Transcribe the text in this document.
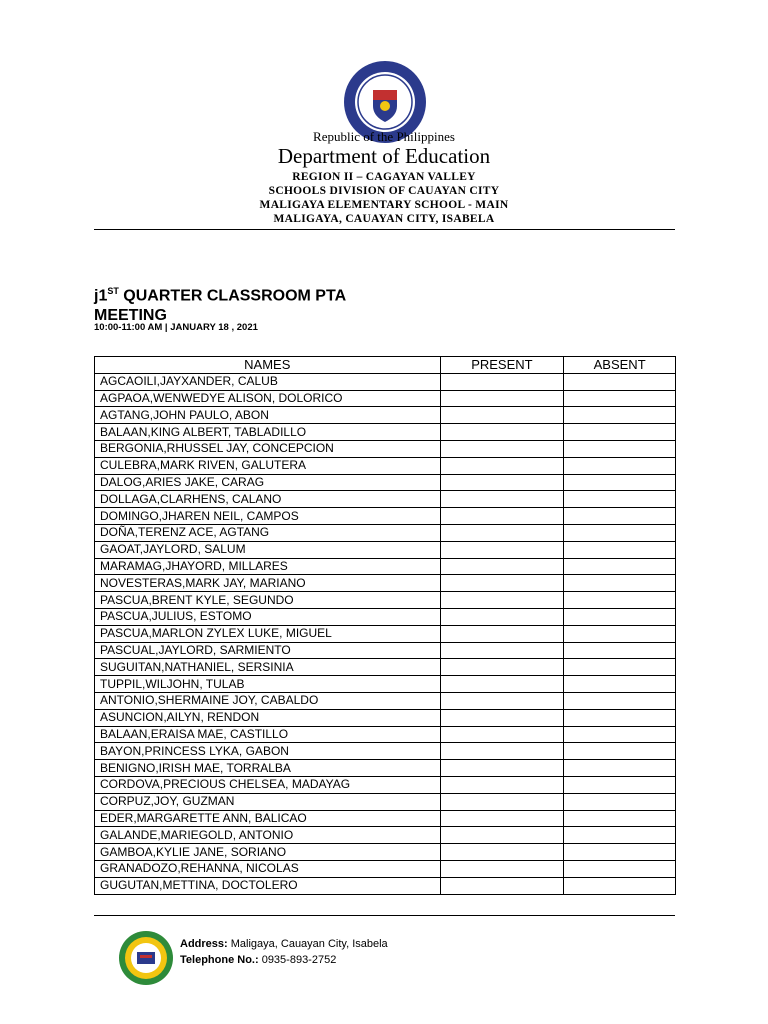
Republic of the Philippines
Department of Education
REGION II – CAGAYAN VALLEY
SCHOOLS DIVISION OF CAUAYAN CITY
MALIGAYA ELEMENTARY SCHOOL - MAIN
MALIGAYA, CAUAYAN CITY, ISABELA
j1ST QUARTER CLASSROOM PTA
MEETING
10:00-11:00 AM | JANUARY 18 , 2021
NAMES	PRESENT	ABSENT
AGCAOILI,JAYXANDER, CALUB		
AGPAOA,WENWEDYE ALISON, DOLORICO		
AGTANG,JOHN PAULO, ABON		
BALAAN,KING ALBERT, TABLADILLO		
BERGONIA,RHUSSEL JAY, CONCEPCION		
CULEBRA,MARK RIVEN, GALUTERA		
DALOG,ARIES JAKE, CARAG		
DOLLAGA,CLARHENS, CALANO		
DOMINGO,JHAREN NEIL, CAMPOS		
DOÑA,TERENZ ACE, AGTANG		
GAOAT,JAYLORD, SALUM		
MARAMAG,JHAYORD, MILLARES		
NOVESTERAS,MARK JAY, MARIANO		
PASCUA,BRENT KYLE, SEGUNDO		
PASCUA,JULIUS, ESTOMO		
PASCUA,MARLON ZYLEX LUKE, MIGUEL		
PASCUAL,JAYLORD, SARMIENTO		
SUGUITAN,NATHANIEL, SERSINIA		
TUPPIL,WILJOHN, TULAB		
ANTONIO,SHERMAINE JOY, CABALDO		
ASUNCION,AILYN, RENDON		
BALAAN,ERAISA MAE, CASTILLO		
BAYON,PRINCESS LYKA, GABON		
BENIGNO,IRISH MAE, TORRALBA		
CORDOVA,PRECIOUS CHELSEA, MADAYAG		
CORPUZ,JOY, GUZMAN		
EDER,MARGARETTE ANN, BALICAO		
GALANDE,MARIEGOLD, ANTONIO		
GAMBOA,KYLIE JANE, SORIANO		
GRANADOZO,REHANNA, NICOLAS		
GUGUTAN,METTINA, DOCTOLERO		
Address: Maligaya, Cauayan City, Isabela
Telephone No.: 0935-893-2752
